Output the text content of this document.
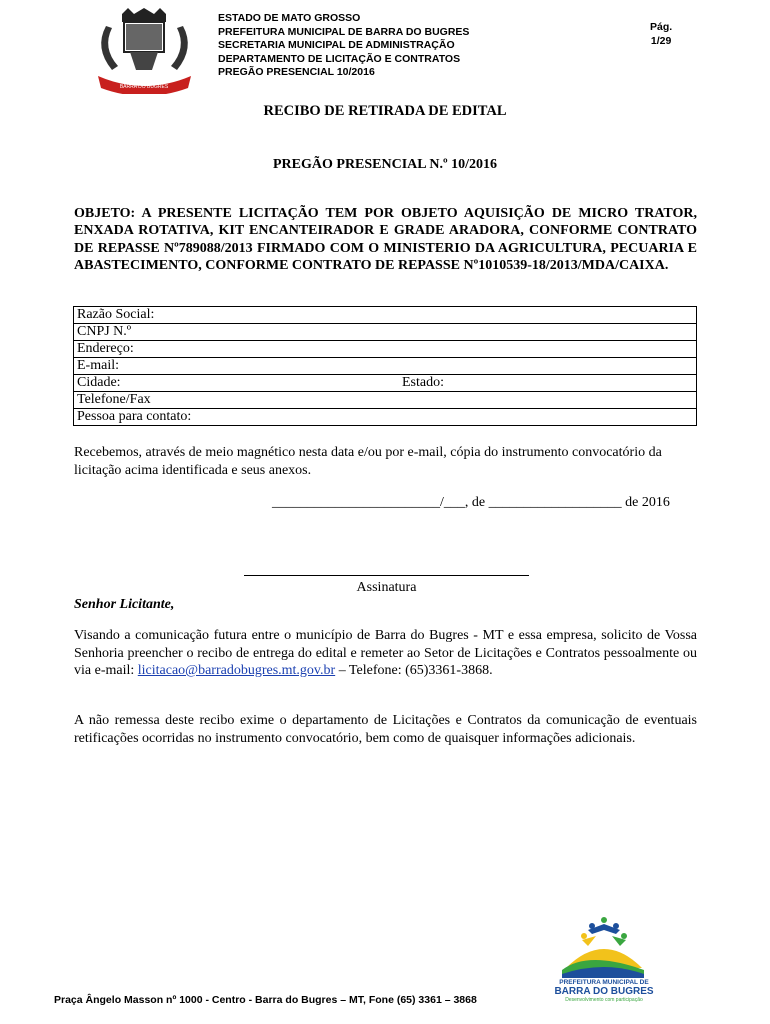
BARRA DO BUGRES
ESTADO DE MATO GROSSO
PREFEITURA MUNICIPAL DE BARRA DO BUGRES
SECRETARIA MUNICIPAL DE ADMINISTRAÇÃO
DEPARTAMENTO DE LICITAÇÃO E CONTRATOS
PREGÃO PRESENCIAL 10/2016
Pág.
1/29
RECIBO DE RETIRADA DE EDITAL
PREGÃO PRESENCIAL N.º 10/2016
OBJETO: A PRESENTE LICITAÇÃO TEM POR OBJETO AQUISIÇÃO DE MICRO TRATOR, ENXADA ROTATIVA, KIT ENCANTEIRADOR E GRADE ARADORA, CONFORME CONTRATO DE REPASSE Nº789088/2013 FIRMADO COM O MINISTERIO DA AGRICULTURA, PECUARIA E ABASTECIMENTO, CONFORME CONTRATO DE REPASSE Nº1010539-18/2013/MDA/CAIXA.
Razão Social:
CNPJ N.º
Endereço:
E-mail:
Cidade:	Estado:

Telefone/Fax
Pessoa para contato:
Recebemos, através de meio magnético nesta data e/ou por e-mail, cópia do instrumento convocatório da licitação acima identificada e seus anexos.
________________________/___, de ___________________ de 2016
Assinatura
Senhor Licitante,
Visando a comunicação futura entre o município de Barra do Bugres - MT e essa empresa, solicito de Vossa Senhoria preencher o recibo de entrega do edital e remeter ao Setor de Licitações e Contratos pessoalmente ou via e-mail: licitacao@barradobugres.mt.gov.br – Telefone: (65)3361-3868.
A não remessa deste recibo exime o departamento de Licitações e Contratos da comunicação de eventuais retificações ocorridas no instrumento convocatório, bem como de quaisquer informações adicionais.
PREFEITURA MUNICIPAL DE
BARRA DO BUGRES
Desenvolvimento com participação
Praça Ângelo Masson nº 1000 - Centro - Barra do Bugres – MT, Fone (65) 3361 – 3868
